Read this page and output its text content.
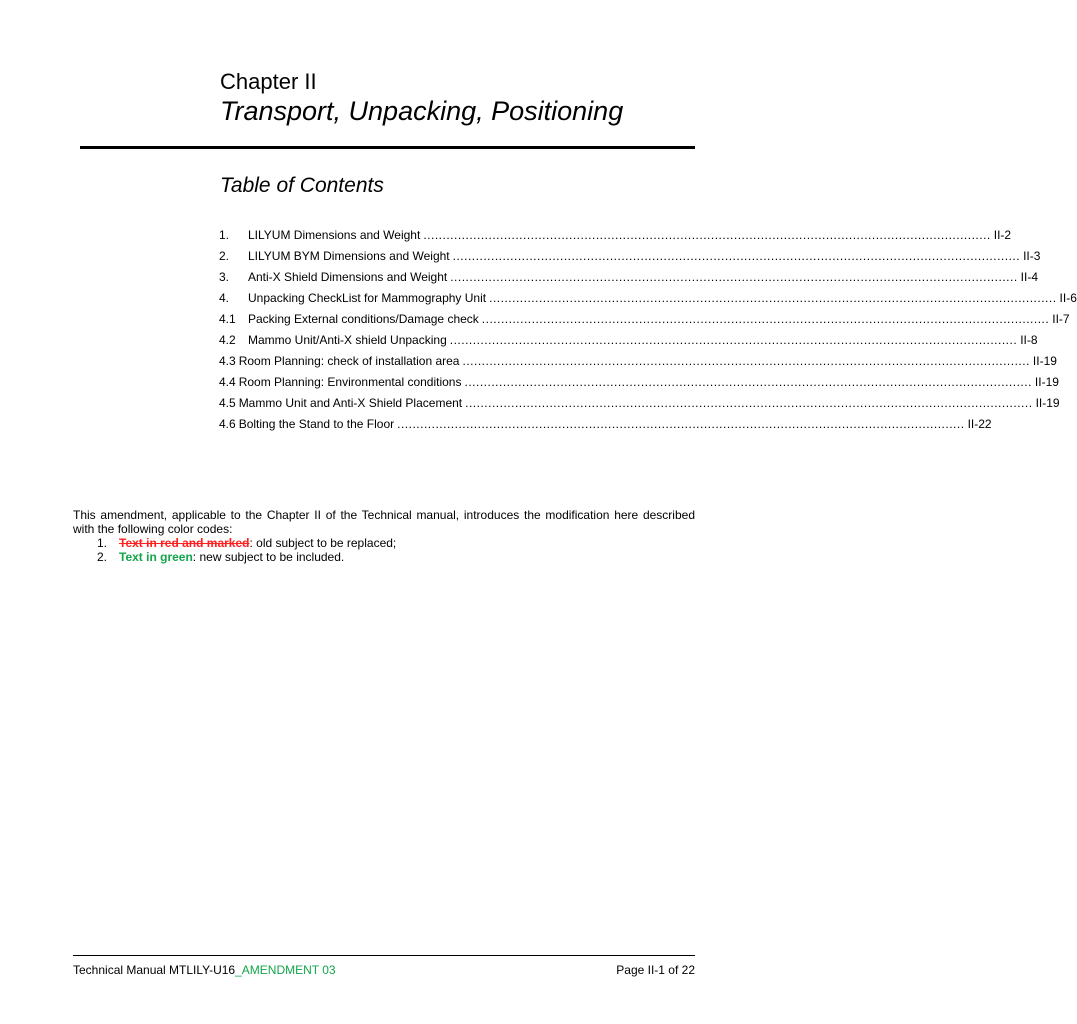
Chapter II
Transport, Unpacking, Positioning
Table of Contents
1.	LILYUM Dimensions and Weight .................................................................................................................................................... II-2
2.	LILYUM BYM Dimensions and Weight .................................................................................................................................................... II-3
3.	Anti-X Shield Dimensions and Weight .................................................................................................................................................... II-4
4.	Unpacking CheckList for Mammography Unit .................................................................................................................................................... II-6
4.1	Packing External conditions/Damage check .................................................................................................................................................... II-7
4.2	Mammo Unit/Anti-X shield Unpacking .................................................................................................................................................... II-8
4.3 Room Planning: check of installation area .................................................................................................................................................... II-19
4.4 Room Planning: Environmental conditions .................................................................................................................................................... II-19
4.5 Mammo Unit and Anti-X Shield Placement .................................................................................................................................................... II-19
4.6 Bolting the Stand to the Floor .................................................................................................................................................... II-22

This amendment, applicable to the Chapter II of the Technical manual, introduces the modification here described with the following color codes:

1. Text in red and marked: old subject to be replaced;
2. Text in green: new subject to be included.
Technical Manual MTLILY-U16_AMENDMENT 03	Page II-1 of 22
